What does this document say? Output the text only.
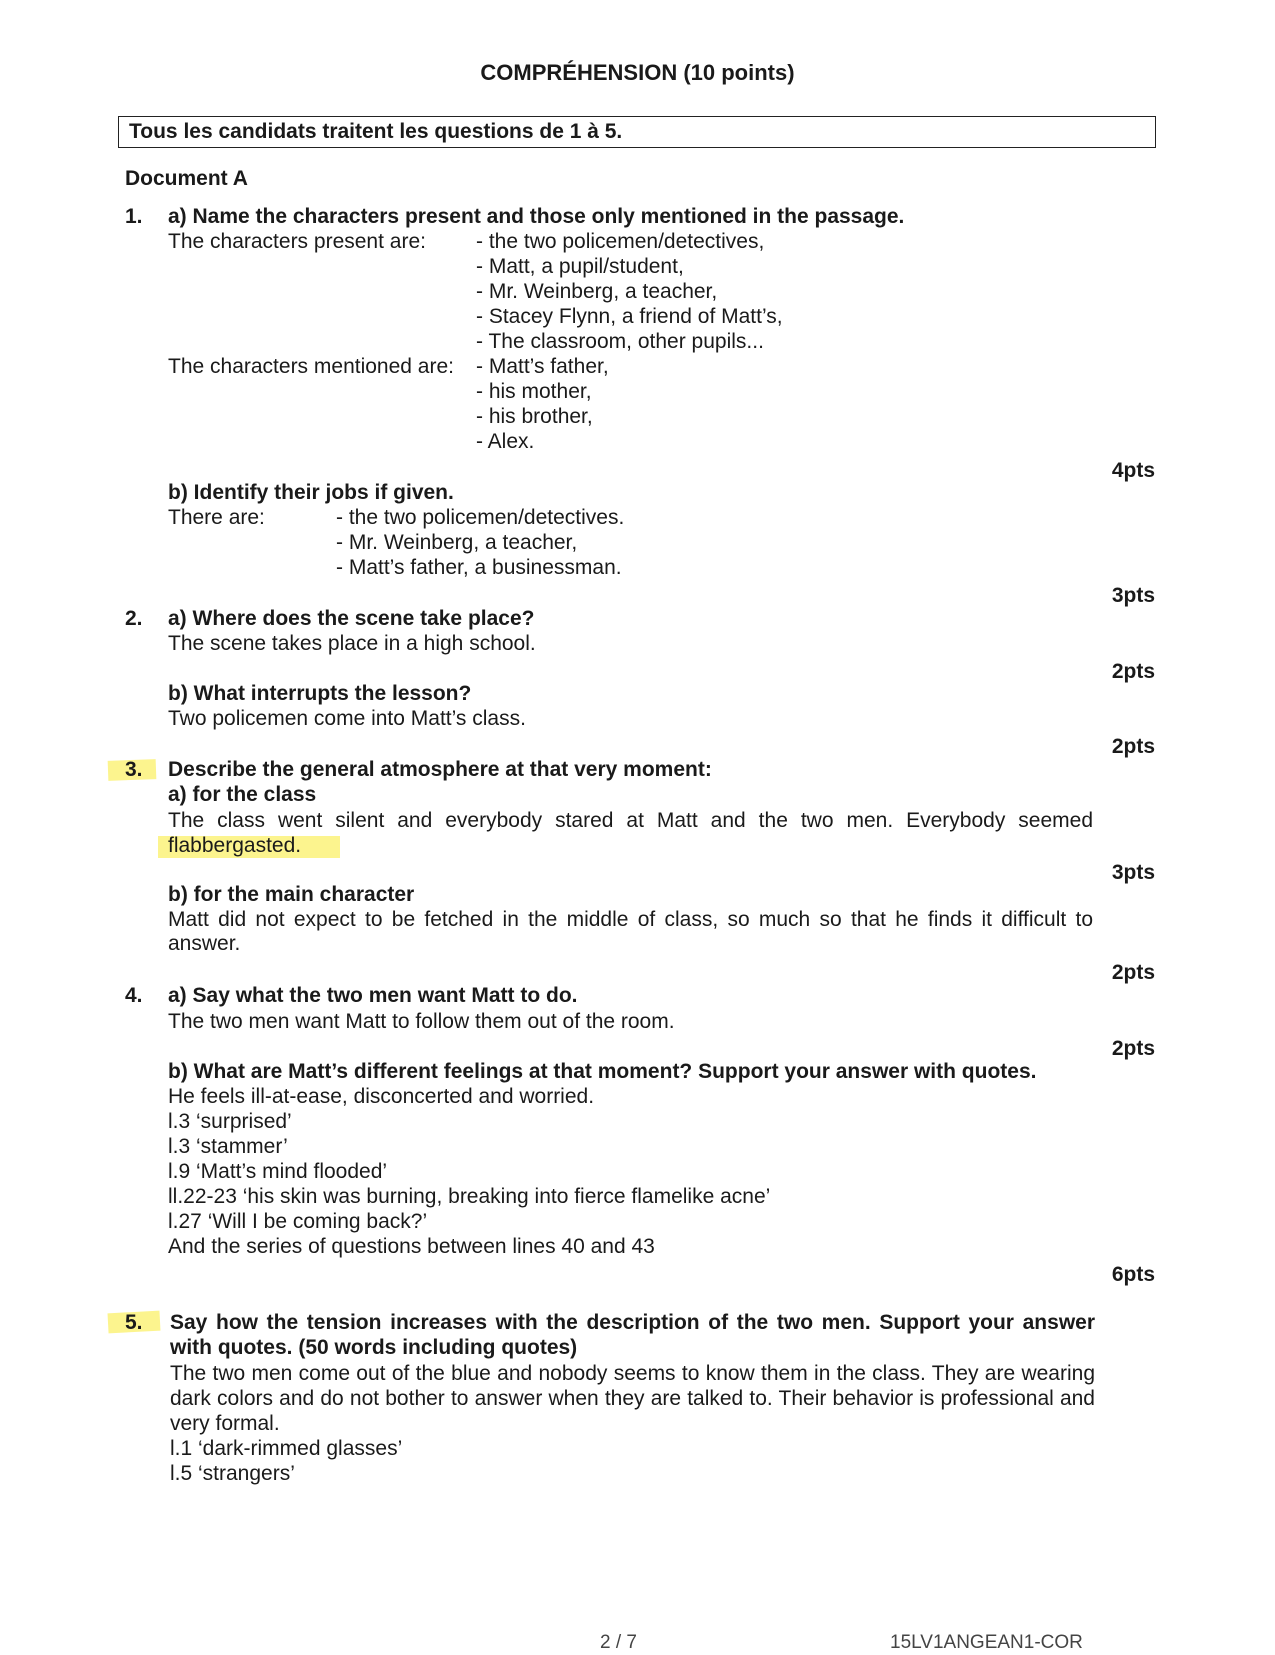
COMPRÉHENSION (10 points)
Tous les candidats traitent les questions de 1 à 5.
Document A
1. a) Name the characters present and those only mentioned in the passage.
The characters present are: - the two policemen/detectives,
- Matt, a pupil/student,
- Mr. Weinberg, a teacher,
- Stacey Flynn, a friend of Matt’s,
- The classroom, other pupils...
The characters mentioned are: - Matt’s father,
- his mother,
- his brother,
- Alex.
4pts
b) Identify their jobs if given.
There are:	- the two policemen/detectives.
- Mr. Weinberg, a teacher,
- Matt’s father, a businessman.
3pts
2. a) Where does the scene take place?
The scene takes place in a high school.
2pts
b) What interrupts the lesson?
Two policemen come into Matt’s class.
2pts
3. Describe the general atmosphere at that very moment:
a) for the class
The class went silent and everybody stared at Matt and the two men. Everybody seemed
flabbergasted.
3pts
b) for the main character
Matt did not expect to be fetched in the middle of class, so much so that he finds it difficult to answer.
2pts
4. a) Say what the two men want Matt to do.
The two men want Matt to follow them out of the room.
2pts
b) What are Matt’s different feelings at that moment? Support your answer with quotes.
He feels ill-at-ease, disconcerted and worried.
l.3 ‘surprised’
l.3 ‘stammer’
l.9 ‘Matt’s mind flooded’
ll.22-23 ‘his skin was burning, breaking into fierce flamelike acne’
l.27 ‘Will I be coming back?’
And the series of questions between lines 40 and 43
6pts
5. Say how the tension increases with the description of the two men. Support your answer with quotes. (50 words including quotes)
The two men come out of the blue and nobody seems to know them in the class. They are wearing dark colors and do not bother to answer when they are talked to. Their behavior is professional and very formal.
l.1 ‘dark-rimmed glasses’
l.5 ‘strangers’
2 / 7	15LV1ANGEAN1-COR
